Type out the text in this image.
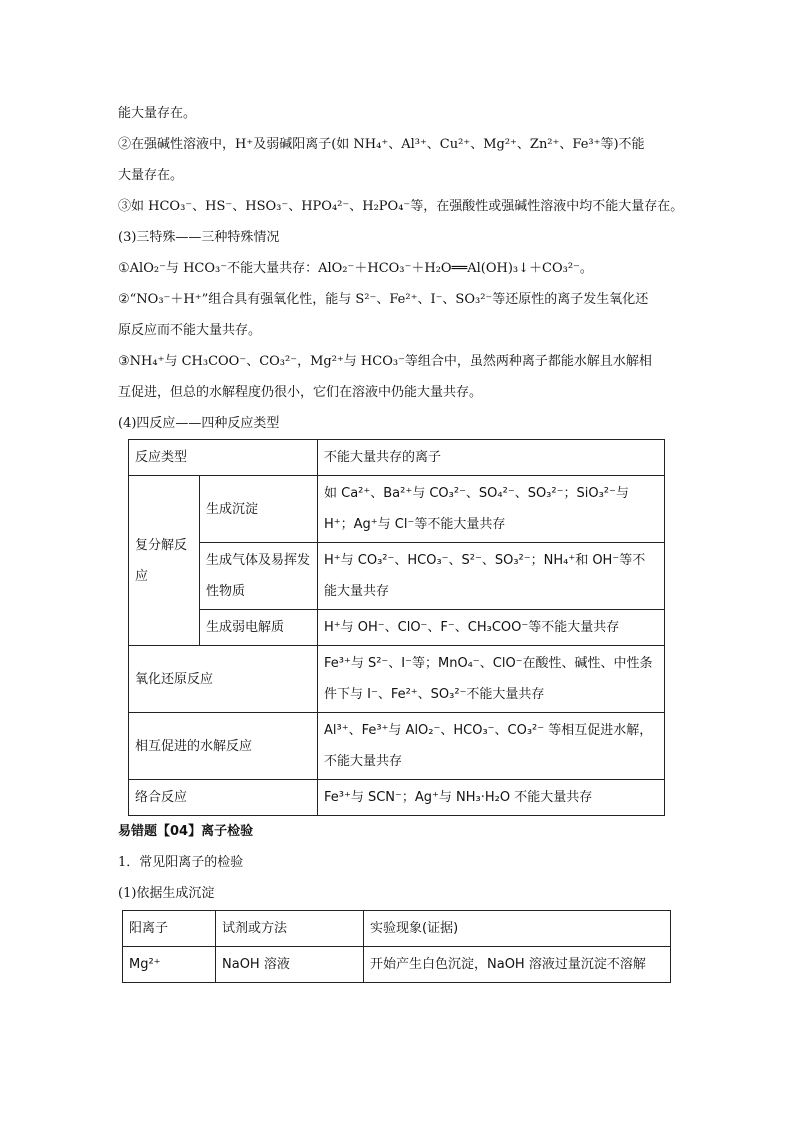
能大量存在。
②在强碱性溶液中，H⁺及弱碱阳离子(如 NH₄⁺、Al³⁺、Cu²⁺、Mg²⁺、Zn²⁺、Fe³⁺等)不能
大量存在。
③如 HCO₃⁻、HS⁻、HSO₃⁻、HPO₄²⁻、H₂PO₄⁻等，在强酸性或强碱性溶液中均不能大量存在。
(3)三特殊——三种特殊情况
①AlO₂⁻与 HCO₃⁻不能大量共存：AlO₂⁻＋HCO₃⁻＋H₂O══Al(OH)₃↓＋CO₃²⁻。
②“NO₃⁻＋H⁺”组合具有强氧化性，能与 S²⁻、Fe²⁺、I⁻、SO₃²⁻等还原性的离子发生氧化还
原反应而不能大量共存。
③NH₄⁺与 CH₃COO⁻、CO₃²⁻，Mg²⁺与 HCO₃⁻等组合中，虽然两种离子都能水解且水解相
互促进，但总的水解程度仍很小，它们在溶液中仍能大量共存。
(4)四反应——四种反应类型
反应类型		不能大量共存的离子
复分解反应	生成沉淀	如 Ca²⁺、Ba²⁺与 CO₃²⁻、SO₄²⁻、SO₃²⁻；SiO₃²⁻与 H⁺；Ag⁺与 Cl⁻等不能大量共存
	生成气体及易挥发性物质	H⁺与 CO₃²⁻、HCO₃⁻、S²⁻、SO₃²⁻；NH₄⁺和 OH⁻等不能大量共存
	生成弱电解质	H⁺与 OH⁻、ClO⁻、F⁻、CH₃COO⁻等不能大量共存
氧化还原反应		Fe³⁺与 S²⁻、I⁻等；MnO₄⁻、ClO⁻在酸性、碱性、中性条件下与 I⁻、Fe²⁺、SO₃²⁻不能大量共存
相互促进的水解反应		Al³⁺、Fe³⁺与 AlO₂⁻、HCO₃⁻、CO₃²⁻ 等相互促进水解，不能大量共存
络合反应		Fe³⁺与 SCN⁻；Ag⁺与 NH₃·H₂O 不能大量共存
易错题【04】离子检验
1．常见阳离子的检验
(1)依据生成沉淀
阳离子	试剂或方法	实验现象(证据)
Mg²⁺	NaOH 溶液	开始产生白色沉淀，NaOH 溶液过量沉淀不溶解
